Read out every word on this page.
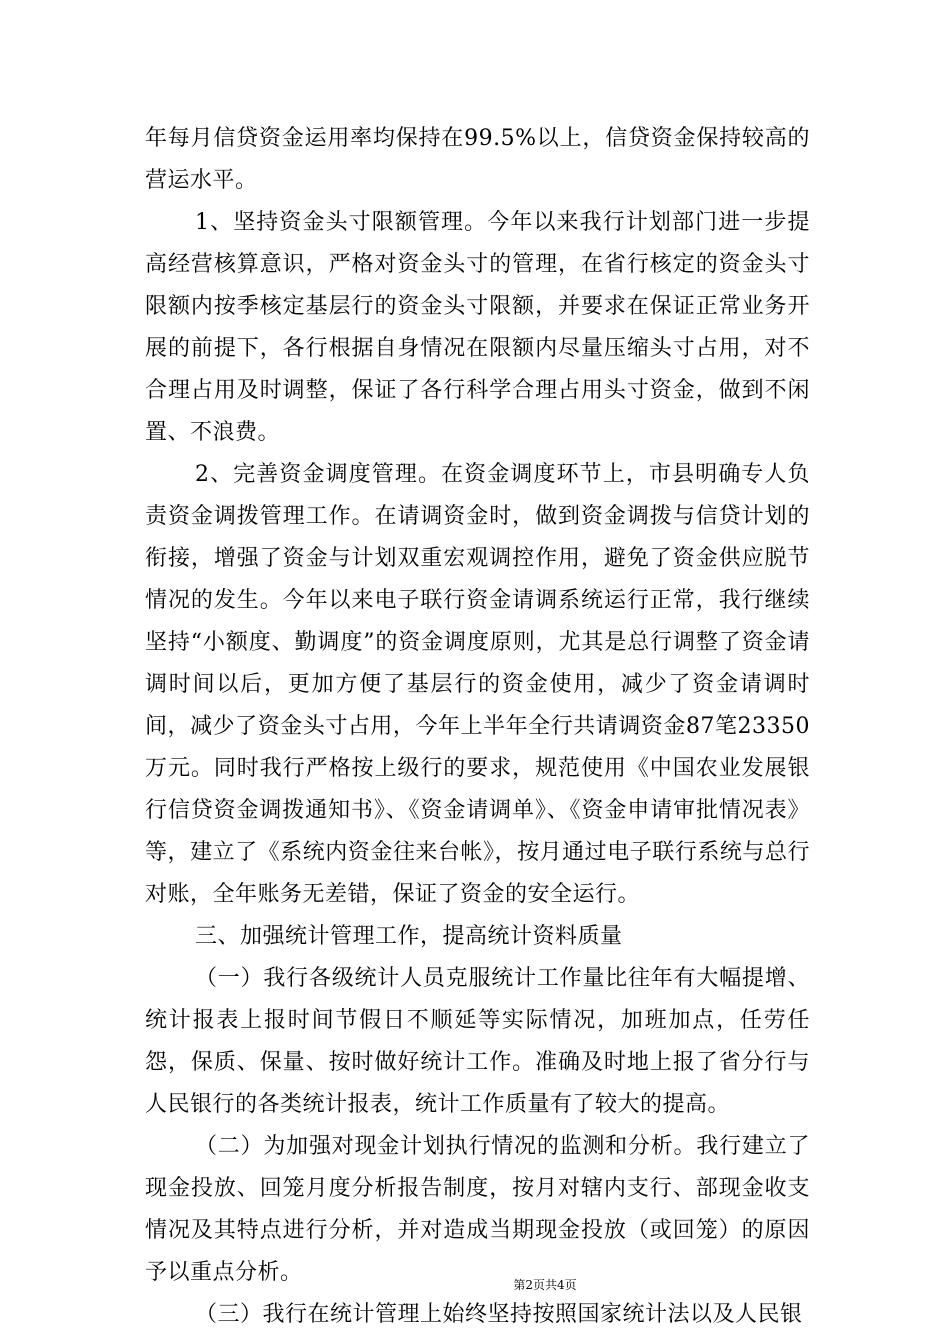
年每月信贷资金运用率均保持在99.5%以上，信贷资金保持较高的营运水平。

1、坚持资金头寸限额管理。今年以来我行计划部门进一步提高经营核算意识，严格对资金头寸的管理，在省行核定的资金头寸限额内按季核定基层行的资金头寸限额，并要求在保证正常业务开展的前提下，各行根据自身情况在限额内尽量压缩头寸占用，对不合理占用及时调整，保证了各行科学合理占用头寸资金，做到不闲置、不浪费。

2、完善资金调度管理。在资金调度环节上，市县明确专人负责资金调拨管理工作。在请调资金时，做到资金调拨与信贷计划的衔接，增强了资金与计划双重宏观调控作用，避免了资金供应脱节情况的发生。今年以来电子联行资金请调系统运行正常，我行继续坚持“小额度、勤调度”的资金调度原则，尤其是总行调整了资金请调时间以后，更加方便了基层行的资金使用，减少了资金请调时间，减少了资金头寸占用，今年上半年全行共请调资金87笔23350万元。同时我行严格按上级行的要求，规范使用《中国农业发展银行信贷资金调拨通知书》、《资金请调单》、《资金申请审批情况表》等，建立了《系统内资金往来台帐》，按月通过电子联行系统与总行对账，全年账务无差错，保证了资金的安全运行。

三、加强统计管理工作，提高统计资料质量

（一）我行各级统计人员克服统计工作量比往年有大幅提增、统计报表上报时间节假日不顺延等实际情况，加班加点，任劳任怨，保质、保量、按时做好统计工作。准确及时地上报了省分行与人民银行的各类统计报表，统计工作质量有了较大的提高。

（二）为加强对现金计划执行情况的监测和分析。我行建立了现金投放、回笼月度分析报告制度，按月对辖内支行、部现金收支情况及其特点进行分析，并对造成当期现金投放（或回笼）的原因予以重点分析。

（三）我行在统计管理上始终坚持按照国家统计法以及人民银

第2页共4页
